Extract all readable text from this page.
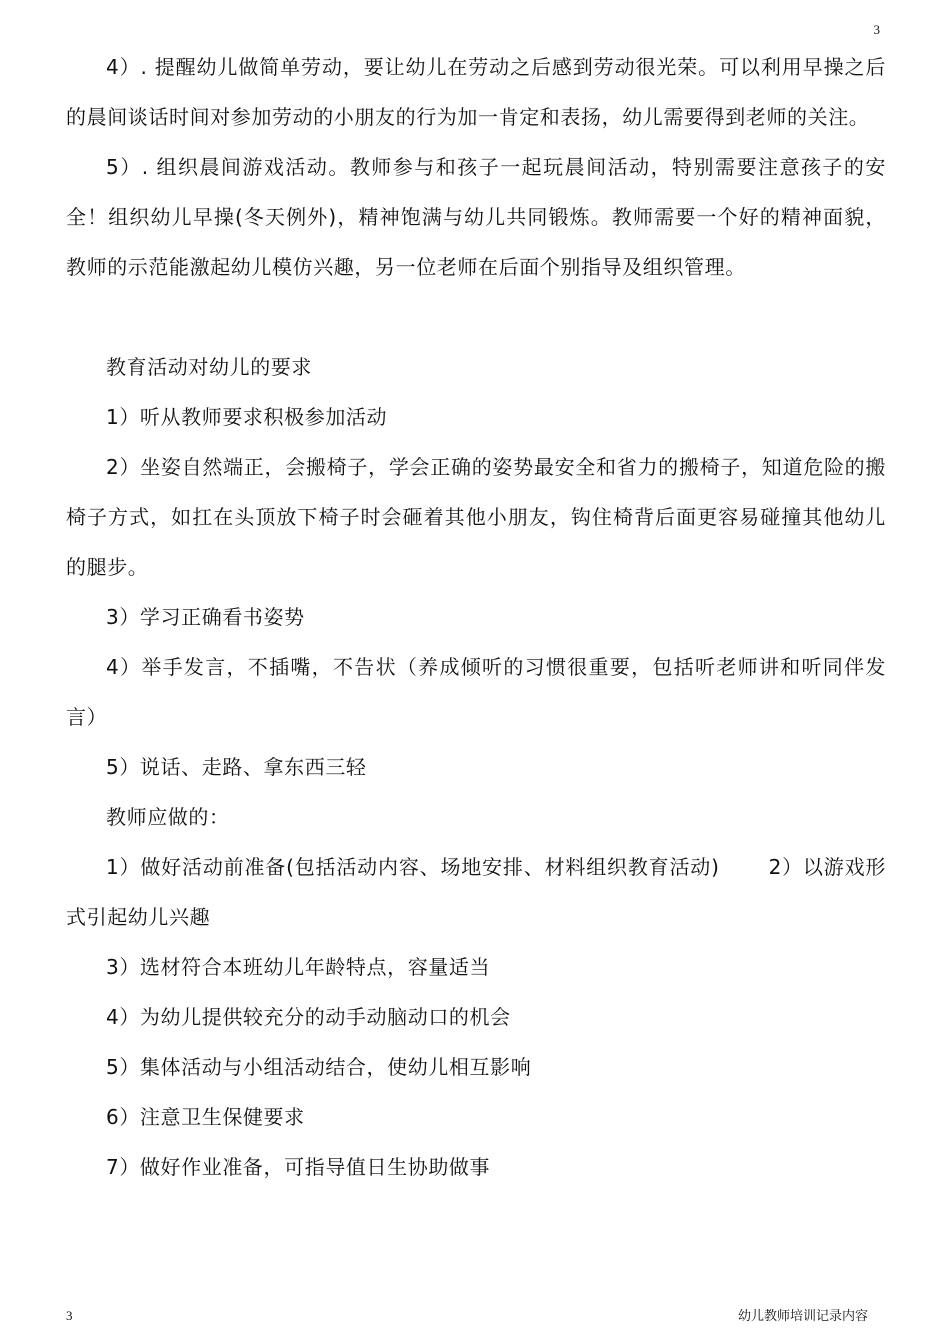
3

4）. 提醒幼儿做简单劳动，要让幼儿在劳动之后感到劳动很光荣。可以利用早操之后的晨间谈话时间对参加劳动的小朋友的行为加一肯定和表扬，幼儿需要得到老师的关注。

5）. 组织晨间游戏活动。教师参与和孩子一起玩晨间活动，特别需要注意孩子的安全！组织幼儿早操(冬天例外)，精神饱满与幼儿共同锻炼。教师需要一个好的精神面貌，教师的示范能激起幼儿模仿兴趣，另一位老师在后面个别指导及组织管理。

教育活动对幼儿的要求

1）听从教师要求积极参加活动

2）坐姿自然端正，会搬椅子，学会正确的姿势最安全和省力的搬椅子，知道危险的搬椅子方式，如扛在头顶放下椅子时会砸着其他小朋友，钩住椅背后面更容易碰撞其他幼儿的腿步。

3）学习正确看书姿势

4）举手发言，不插嘴，不告状（养成倾听的习惯很重要，包括听老师讲和听同伴发言）

5）说话、走路、拿东西三轻

教师应做的：

1）做好活动前准备(包括活动内容、场地安排、材料组织教育活动)　　 2）以游戏形式引起幼儿兴趣

3）选材符合本班幼儿年龄特点，容量适当

4）为幼儿提供较充分的动手动脑动口的机会

5）集体活动与小组活动结合，使幼儿相互影响

6）注意卫生保健要求

7）做好作业准备，可指导值日生协助做事

3	幼儿教师培训记录内容
